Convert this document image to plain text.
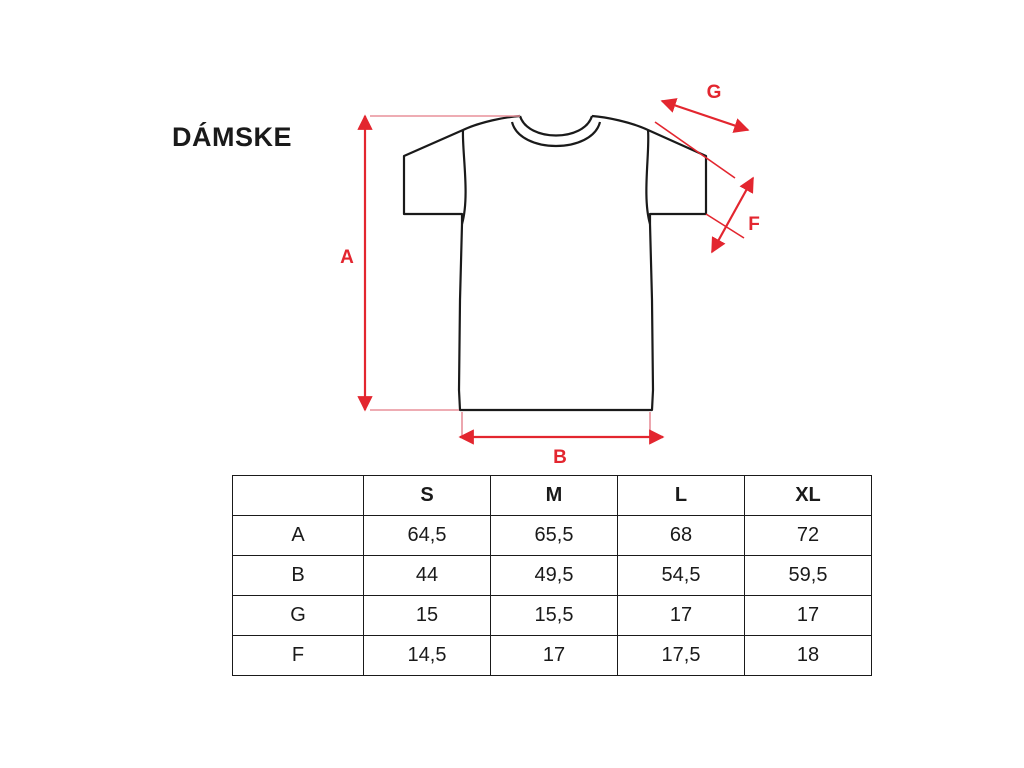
DÁMSKE
A
B
G
F
	S	M	L	XL
A	64,5	65,5	68	72
B	44	49,5	54,5	59,5
G	15	15,5	17	17
F	14,5	17	17,5	18
